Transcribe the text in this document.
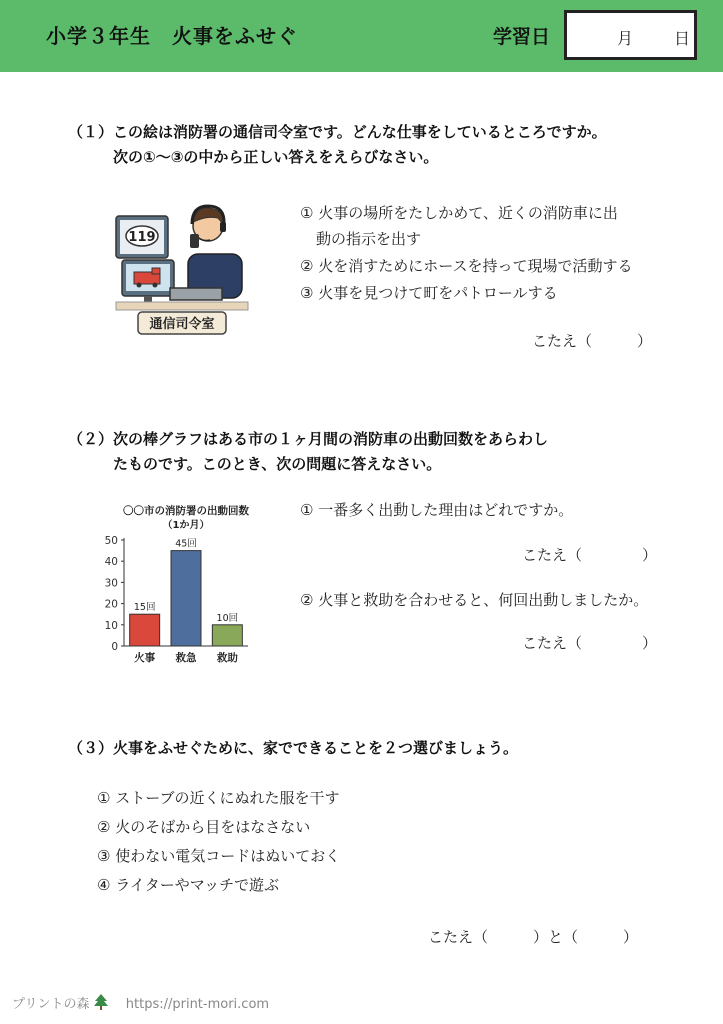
小学３年生　火事をふせぐ	学習日	月	日
（１）この絵は消防署の通信司令室です。どんな仕事をしているところですか。
次の①～③の中から正しい答えをえらびなさい。
119
通信司令室
① 火事の場所をたしかめて、近くの消防車に出
動の指示を出す
② 火を消すためにホースを持って現場で活動する
③ 火事を見つけて町をパトロールする
こたえ（　　　）
（２）次の棒グラフはある市の１ヶ月間の消防車の出動回数をあらわし
たものです。このとき、次の問題に答えなさい。
〇〇市の消防署の出動回数
（1か月）
0
10
20
30
40
50
15回
火事
45回
救急
10回
救助
① 一番多く出動した理由はどれですか。
こたえ（　　　　）
② 火事と救助を合わせると、何回出動しましたか。
こたえ（　　　　）
（３）火事をふせぐために、家でできることを２つ選びましょう。
① ストーブの近くにぬれた服を干す
② 火のそばから目をはなさない
③ 使わない電気コードはぬいておく
④ ライターやマッチで遊ぶ
こたえ（　　　）と（　　　）
プリントの森	https://print-mori.com
